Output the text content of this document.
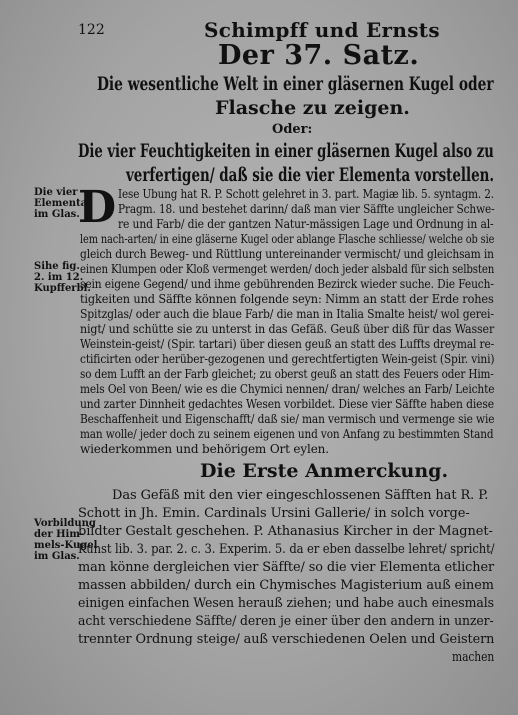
122	Schimpff und Ernsts
Der 37. Satz.
Die wesentliche Welt in einer gläsernen Kugel oder
Flasche zu zeigen.
Oder:
Die vier Feuchtigkeiten in einer gläsernen Kugel also zu
verfertigen/ daß sie die vier Elementa vorstellen.
Die vier
Elementa
im Glas.
Sihe fig.
2. im 12.
Kupfferbl.
Vorbildung
der Him-
mels-Kugel
im Glas.
D Iese Ubung hat R. P. Schott gelehret in 3. part. Magiæ lib. 5. syntagm. 2.
Pragm. 18. und bestehet darinn/ daß man vier Säffte ungleicher Schwe-
re und Farb/ die der gantzen Natur-mässigen Lage und Ordnung in al-
lem nach-arten/ in eine gläserne Kugel oder ablange Flasche schliesse/ welche ob sie
gleich durch Beweg- und Rüttlung untereinander vermischt/ und gleichsam in
einen Klumpen oder Kloß vermenget werden/ doch jeder alsbald für sich selbsten
sein eigene Gegend/ und ihme gebührenden Bezirck wieder suche. Die Feuch-
tigkeiten und Säffte können folgende seyn: Nimm an statt der Erde rohes
Spitzglas/ oder auch die blaue Farb/ die man in Italia Smalte heist/ wol gerei-
nigt/ und schütte sie zu unterst in das Gefäß. Geuß über diß für das Wasser
Weinstein-geist/ (Spir. tartari) über diesen geuß an statt des Luffts dreymal re-
ctificirten oder herüber-gezogenen und gerechtfertigten Wein-geist (Spir. vini)
so dem Lufft an der Farb gleichet; zu oberst geuß an statt des Feuers oder Him-
mels Oel von Been/ wie es die Chymici nennen/ dran/ welches an Farb/ Leichte
und zarter Dinnheit gedachtes Wesen vorbildet. Diese vier Säffte haben diese
Beschaffenheit und Eigenschafft/ daß sie/ man vermisch und vermenge sie wie
man wolle/ jeder doch zu seinem eigenen und von Anfang zu bestimmten Stand
wiederkommen und behörigem Ort eylen.
Die Erste Anmerckung.
Das Gefäß mit den vier eingeschlossenen Säfften hat R. P.
Schott in Jh. Emin. Cardinals Ursini Gallerie/ in solch vorge-
bildter Gestalt geschehen. P. Athanasius Kircher in der Magnet-
Kunst lib. 3. par. 2. c. 3. Experim. 5. da er eben dasselbe lehret/ spricht/
man könne dergleichen vier Säffte/ so die vier Elementa etlicher
massen abbilden/ durch ein Chymisches Magisterium auß einem
einigen einfachen Wesen herauß ziehen; und habe auch einesmals
acht verschiedene Säffte/ deren je einer über den andern in unzer-
trennter Ordnung steige/ auß verschiedenen Oelen und Geistern
machen
